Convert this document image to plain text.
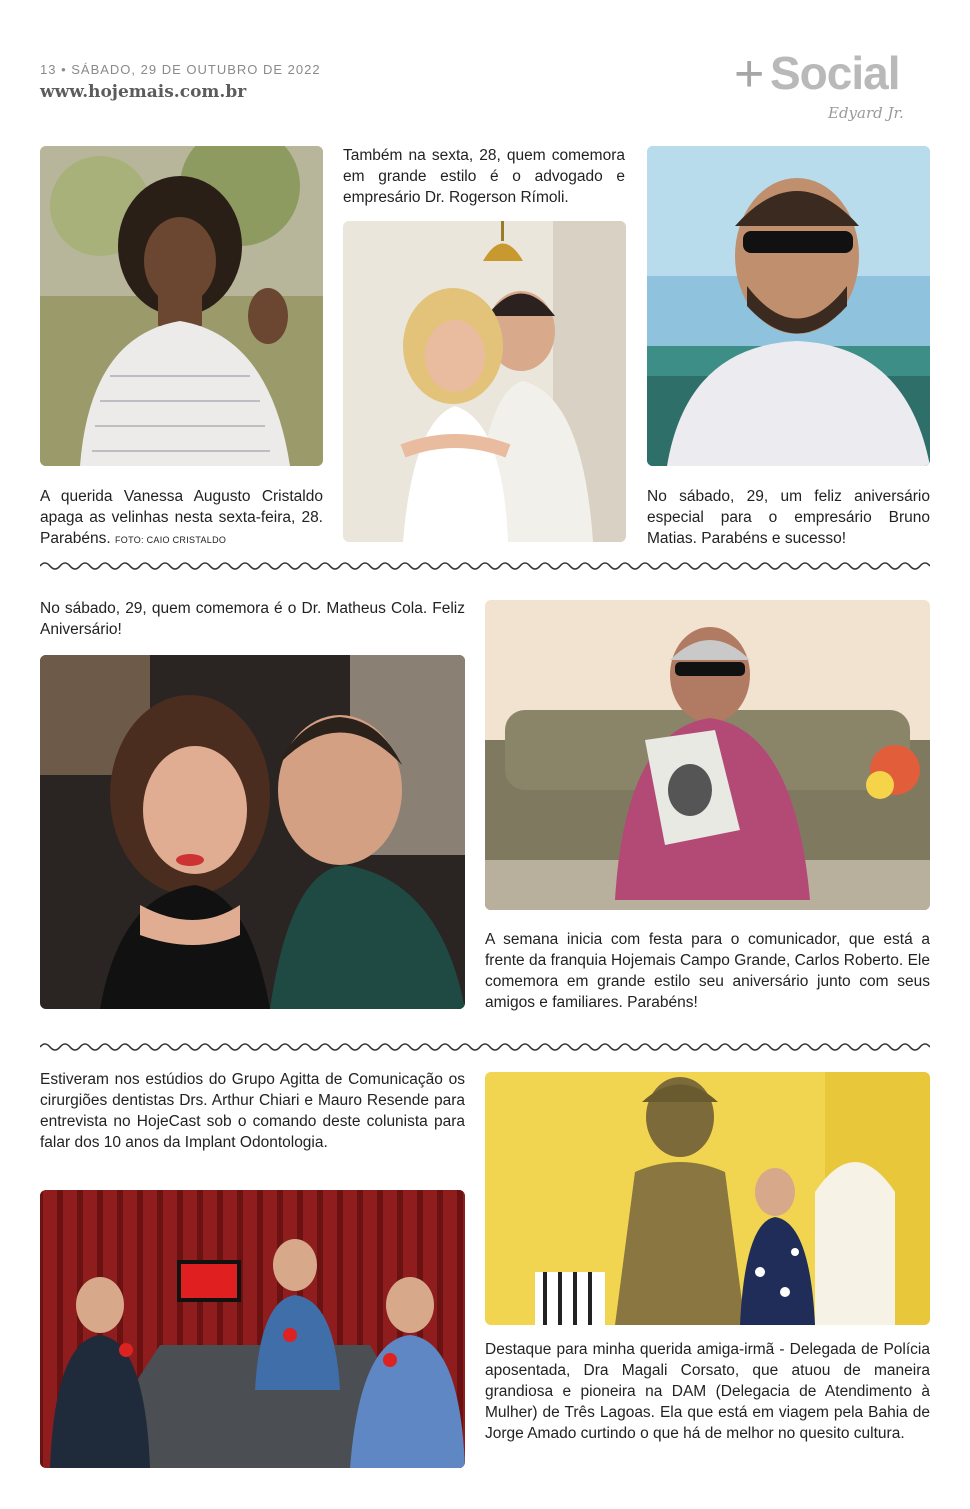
13 • SÁBADO, 29 DE OUTUBRO DE 2022
www.hojemais.com.br	+ Social
Edyard Jr.
Também na sexta, 28, quem comemora em grande estilo é o advogado e empresário Dr. Rogerson Rímoli.
A querida Vanessa Augusto Cristaldo apaga as velinhas nesta sexta-feira, 28. Parabéns. FOTO: CAIO CRISTALDO
No sábado, 29, um feliz aniversário especial para o empresário Bruno Matias. Parabéns e sucesso!
No sábado, 29, quem comemora é o Dr. Matheus Cola. Feliz Aniversário!
A semana inicia com festa para o comunicador, que está a frente da franquia Hojemais Campo Grande, Carlos Roberto. Ele comemora em grande estilo seu aniversário junto com seus amigos e familiares. Parabéns!
Estiveram nos estúdios do Grupo Agitta de Comunicação os cirurgiões dentistas Drs. Arthur Chiari e Mauro Resende para entrevista no HojeCast sob o comando deste colunista para falar dos 10 anos da Implant Odontologia.
Destaque para minha querida amiga-irmã - Delegada de Polícia aposentada, Dra Magali Corsato, que atuou de maneira grandiosa e pioneira na DAM (Delegacia de Atendimento à Mulher) de Três Lagoas. Ela que está em viagem pela Bahia de Jorge Amado curtindo o que há de melhor no quesito cultura.
